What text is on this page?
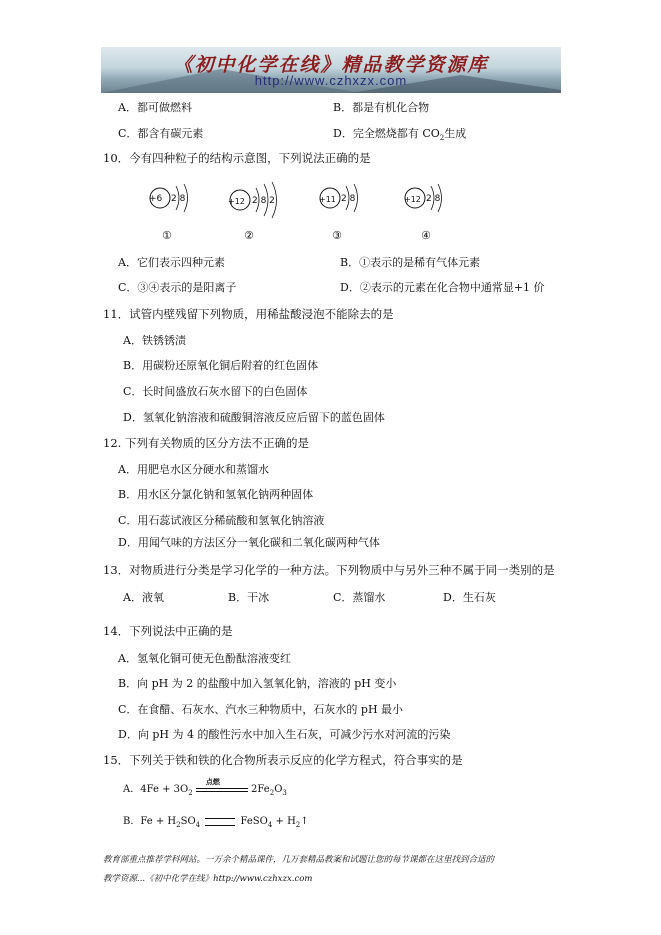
《初中化学在线》精品教学资源库
http://www.czhxzx.com
A．都可做燃料	B．都是有机化合物
C．都含有碳元素	D．完全燃烧都有 $CO_2$生成
10．今有四种粒子的结构示意图，下列说法正确的是
+6 2 8	+12 2 8 2	+11 2 8	+12 2 8
①	②	③	④
A．它们表示四种元素	B．①表示的是稀有气体元素
C．③④表示的是阳离子	D．②表示的元素在化合物中通常显+1 价
11．试管内壁残留下列物质，用稀盐酸浸泡不能除去的是
A．铁锈锈渍
B．用碳粉还原氧化铜后附着的红色固体
C．长时间盛放石灰水留下的白色固体
D．氢氧化钠溶液和硫酸铜溶液反应后留下的蓝色固体
12. 下列有关物质的区分方法不正确的是
A．用肥皂水区分硬水和蒸馏水
B．用水区分氯化钠和氢氧化钠两种固体
C．用石蕊试液区分稀硫酸和氢氧化钠溶液
D．用闻气味的方法区分一氧化碳和二氧化碳两种气体
13．对物质进行分类是学习化学的一种方法。下列物质中与另外三种不属于同一类别的是
A．液氧	B．干冰	C．蒸馏水	D．生石灰
14．下列说法中正确的是
A．氢氧化铜可使无色酚酞溶液变红
B．向 pH 为 2 的盐酸中加入氢氧化钠，溶液的 pH 变小
C．在食醋、石灰水、汽水三种物质中，石灰水的 pH 最小
D．向 pH 为 4 的酸性污水中加入生石灰，可减少污水对河流的污染
15．下列关于铁和铁的化合物所表示反应的化学方程式，符合事实的是
A．$4Fe + 3O_2$
点燃
$2Fe_2O_3$
B．$Fe + H_2SO_4$	FeSO$_4$ + $H_2↑$
教育部重点推荐学科网站。一万余个精品课件，几万套精品教案和试题让您的每节课都在这里找到合适的
教学资源...《初中化学在线》http://www.czhxzx.com
